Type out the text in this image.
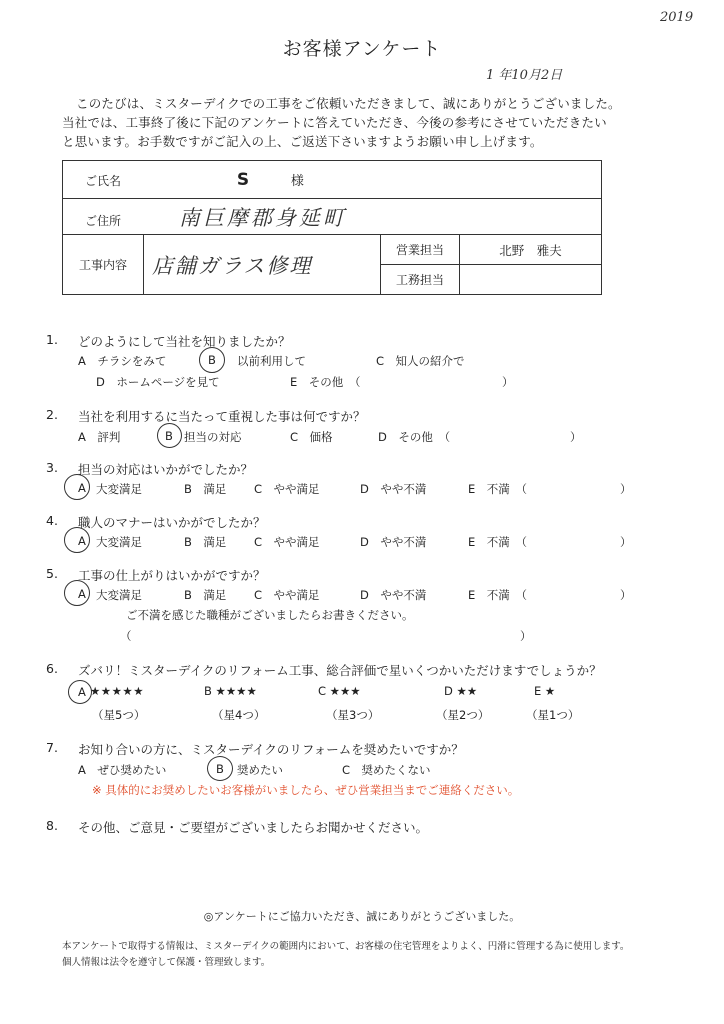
2019
お客様アンケート
1 年10月2日
このたびは、ミスターデイクでの工事をご依頼いただきまして、誠にありがとうございました。
当社では、工事終了後に下記のアンケートに答えていただき、今後の参考にさせていただきたい
と思います。お手数ですがご記入の上、ご返送下さいますようお願い申し上げます。
ご氏名 S 様			
ご住所 南巨摩郡身延町			
工事内容	店舗ガラス修理	営業担当	北野　雅夫
		工務担当	
1. どのようにして当社を知りましたか？
A　チラシをみて	B 以前利用して	C　知人の紹介で
D　ホームページを見て	E　その他　（	）
2. 当社を利用するに当たって重視した事は何ですか？
A　評判	B 担当の対応	C　価格	D　その他　（	）
3. 担当の対応はいかがでしたか？
A 大変満足	B　満足 C　やや満足	D　やや不満	E　不満　（	）
4. 職人のマナーはいかがでしたか？
A 大変満足	B　満足 C　やや満足	D　やや不満	E　不満　（	）
5. 工事の仕上がりはいかがですか？
A 大変満足	B　満足 C　やや満足	D　やや不満	E　不満　（	）
ご不満を感じた職種がございましたらお書きください。
（	）
6. ズバリ！ミスターデイクのリフォーム工事、総合評価で星いくつかいただけますでしょうか？
A ★★★★★	B ★★★★	C ★★★	D ★★	E ★
（星5つ）	（星4つ）	（星3つ）	（星2つ）	（星1つ）
7. お知り合いの方に、ミスターデイクのリフォームを奨めたいですか？
A　ぜひ奨めたい	B 奨めたい	C　奨めたくない
※ 具体的にお奨めしたいお客様がいましたら、ぜひ営業担当までご連絡ください。
8. その他、ご意見・ご要望がございましたらお聞かせください。
◎アンケートにご協力いただき、誠にありがとうございました。
本アンケートで取得する情報は、ミスターデイクの範囲内において、お客様の住宅管理をよりよく、円滑に管理する為に使用します。
個人情報は法令を遵守して保護・管理致します。
